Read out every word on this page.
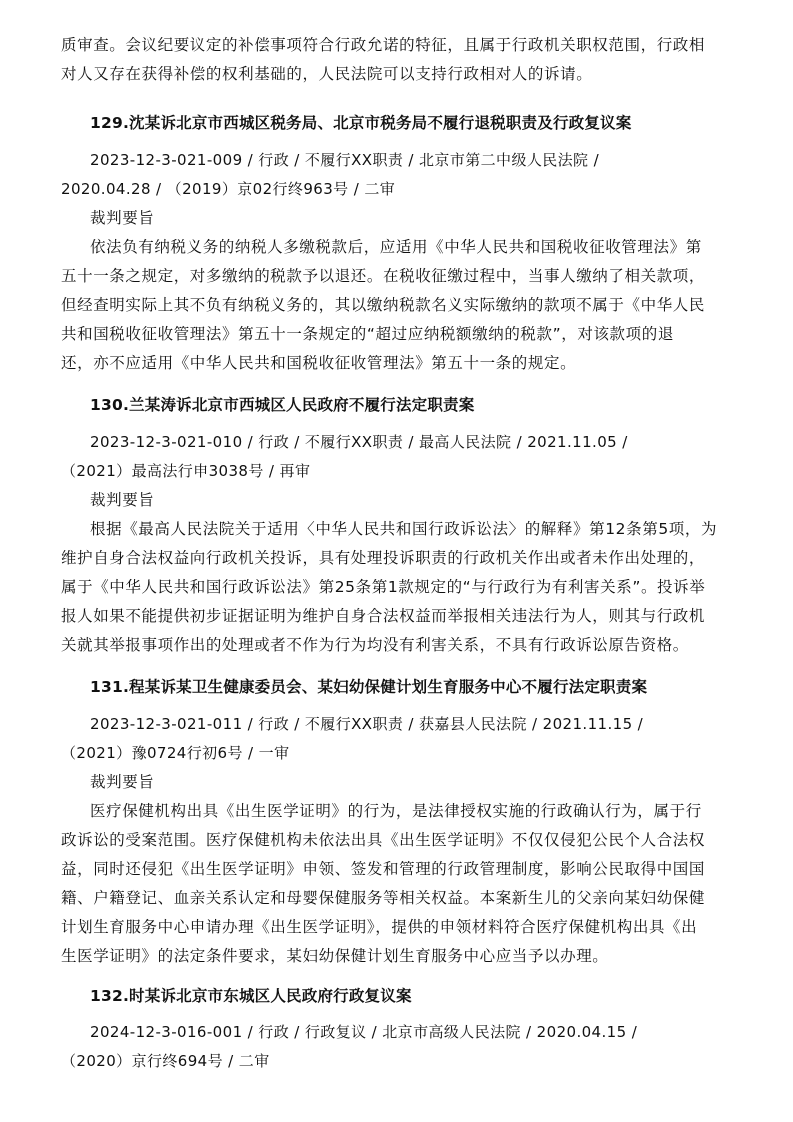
质审查。会议纪要议定的补偿事项符合行政允诺的特征，且属于行政机关职权范围，行政相
对人又存在获得补偿的权利基础的，人民法院可以支持行政相对人的诉请。
129.沈某诉北京市西城区税务局、北京市税务局不履行退税职责及行政复议案
2023-12-3-021-009 / 行政 / 不履行XX职责 / 北京市第二中级人民法院 /
2020.04.28 / （2019）京02行终963号 / 二审
裁判要旨
依法负有纳税义务的纳税人多缴税款后，应适用《中华人民共和国税收征收管理法》第
五十一条之规定，对多缴纳的税款予以退还。在税收征缴过程中，当事人缴纳了相关款项，
但经查明实际上其不负有纳税义务的，其以缴纳税款名义实际缴纳的款项不属于《中华人民
共和国税收征收管理法》第五十一条规定的“超过应纳税额缴纳的税款”，对该款项的退
还，亦不应适用《中华人民共和国税收征收管理法》第五十一条的规定。
130.兰某涛诉北京市西城区人民政府不履行法定职责案
2023-12-3-021-010 / 行政 / 不履行XX职责 / 最高人民法院 / 2021.11.05 /
（2021）最高法行申3038号 / 再审
裁判要旨
根据《最高人民法院关于适用〈中华人民共和国行政诉讼法〉的解释》第12条第5项，为
维护自身合法权益向行政机关投诉，具有处理投诉职责的行政机关作出或者未作出处理的，
属于《中华人民共和国行政诉讼法》第25条第1款规定的“与行政行为有利害关系”。投诉举
报人如果不能提供初步证据证明为维护自身合法权益而举报相关违法行为人，则其与行政机
关就其举报事项作出的处理或者不作为行为均没有利害关系，不具有行政诉讼原告资格。
131.程某诉某卫生健康委员会、某妇幼保健计划生育服务中心不履行法定职责案
2023-12-3-021-011 / 行政 / 不履行XX职责 / 获嘉县人民法院 / 2021.11.15 /
（2021）豫0724行初6号 / 一审
裁判要旨
医疗保健机构出具《出生医学证明》的行为，是法律授权实施的行政确认行为，属于行
政诉讼的受案范围。医疗保健机构未依法出具《出生医学证明》不仅仅侵犯公民个人合法权
益，同时还侵犯《出生医学证明》申领、签发和管理的行政管理制度，影响公民取得中国国
籍、户籍登记、血亲关系认定和母婴保健服务等相关权益。本案新生儿的父亲向某妇幼保健
计划生育服务中心申请办理《出生医学证明》，提供的申领材料符合医疗保健机构出具《出
生医学证明》的法定条件要求，某妇幼保健计划生育服务中心应当予以办理。
132.时某诉北京市东城区人民政府行政复议案
2024-12-3-016-001 / 行政 / 行政复议 / 北京市高级人民法院 / 2020.04.15 /
（2020）京行终694号 / 二审
